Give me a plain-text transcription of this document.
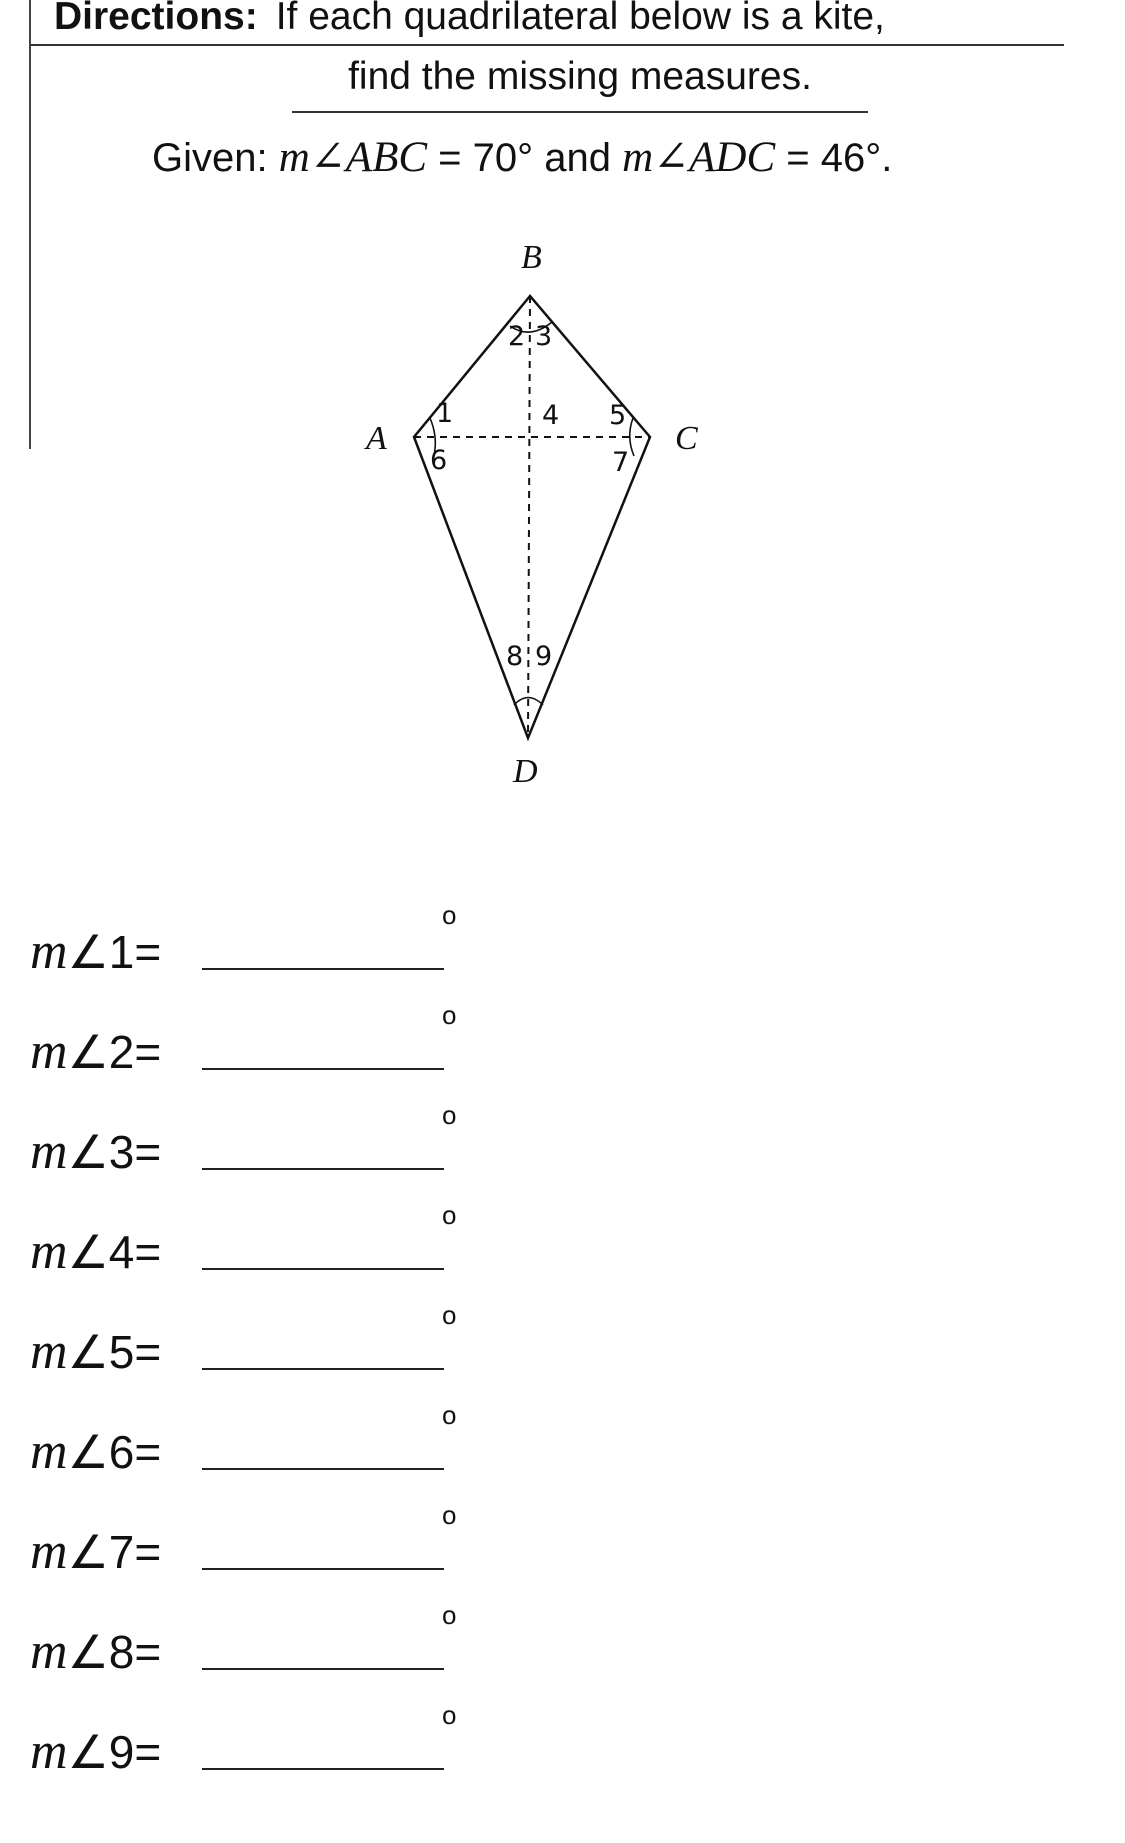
Directions: If each quadrilateral below is a kite,
find the missing measures.
Given: m∠ABC = 70° and m∠ADC = 46°.
B
A	C
D
1
2 3
4 5
6	7
8 9
m∠1=
o
m∠2=
o
m∠3=
o
m∠4=
o
m∠5=
o
m∠6=
o
m∠7=
o
m∠8=
o
m∠9=
o
